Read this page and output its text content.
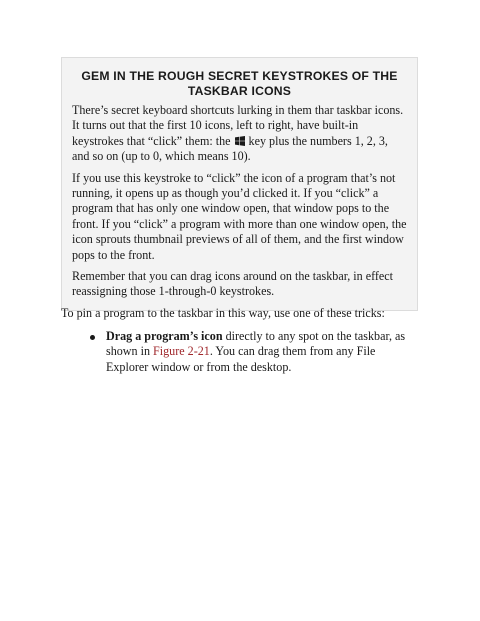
GEM IN THE ROUGH SECRET KEYSTROKES OF THE TASKBAR ICONS

There’s secret keyboard shortcuts lurking in them thar taskbar icons. It turns out that the first 10 icons, left to right, have built-in keystrokes that “click” them: the  key plus the numbers 1, 2, 3, and so on (up to 0, which means 10).

If you use this keystroke to “click” the icon of a program that’s not running, it opens up as though you’d clicked it. If you “click” a program that has only one window open, that window pops to the front. If you “click” a program with more than one window open, the icon sprouts thumbnail previews of all of them, and the first window pops to the front.

Remember that you can drag icons around on the taskbar, in effect reassigning those 1-through-0 keystrokes.

To pin a program to the taskbar in this way, use one of these tricks:

Drag a program’s icon directly to any spot on the taskbar, as shown in Figure 2-21. You can drag them from any File Explorer window or from the desktop.
